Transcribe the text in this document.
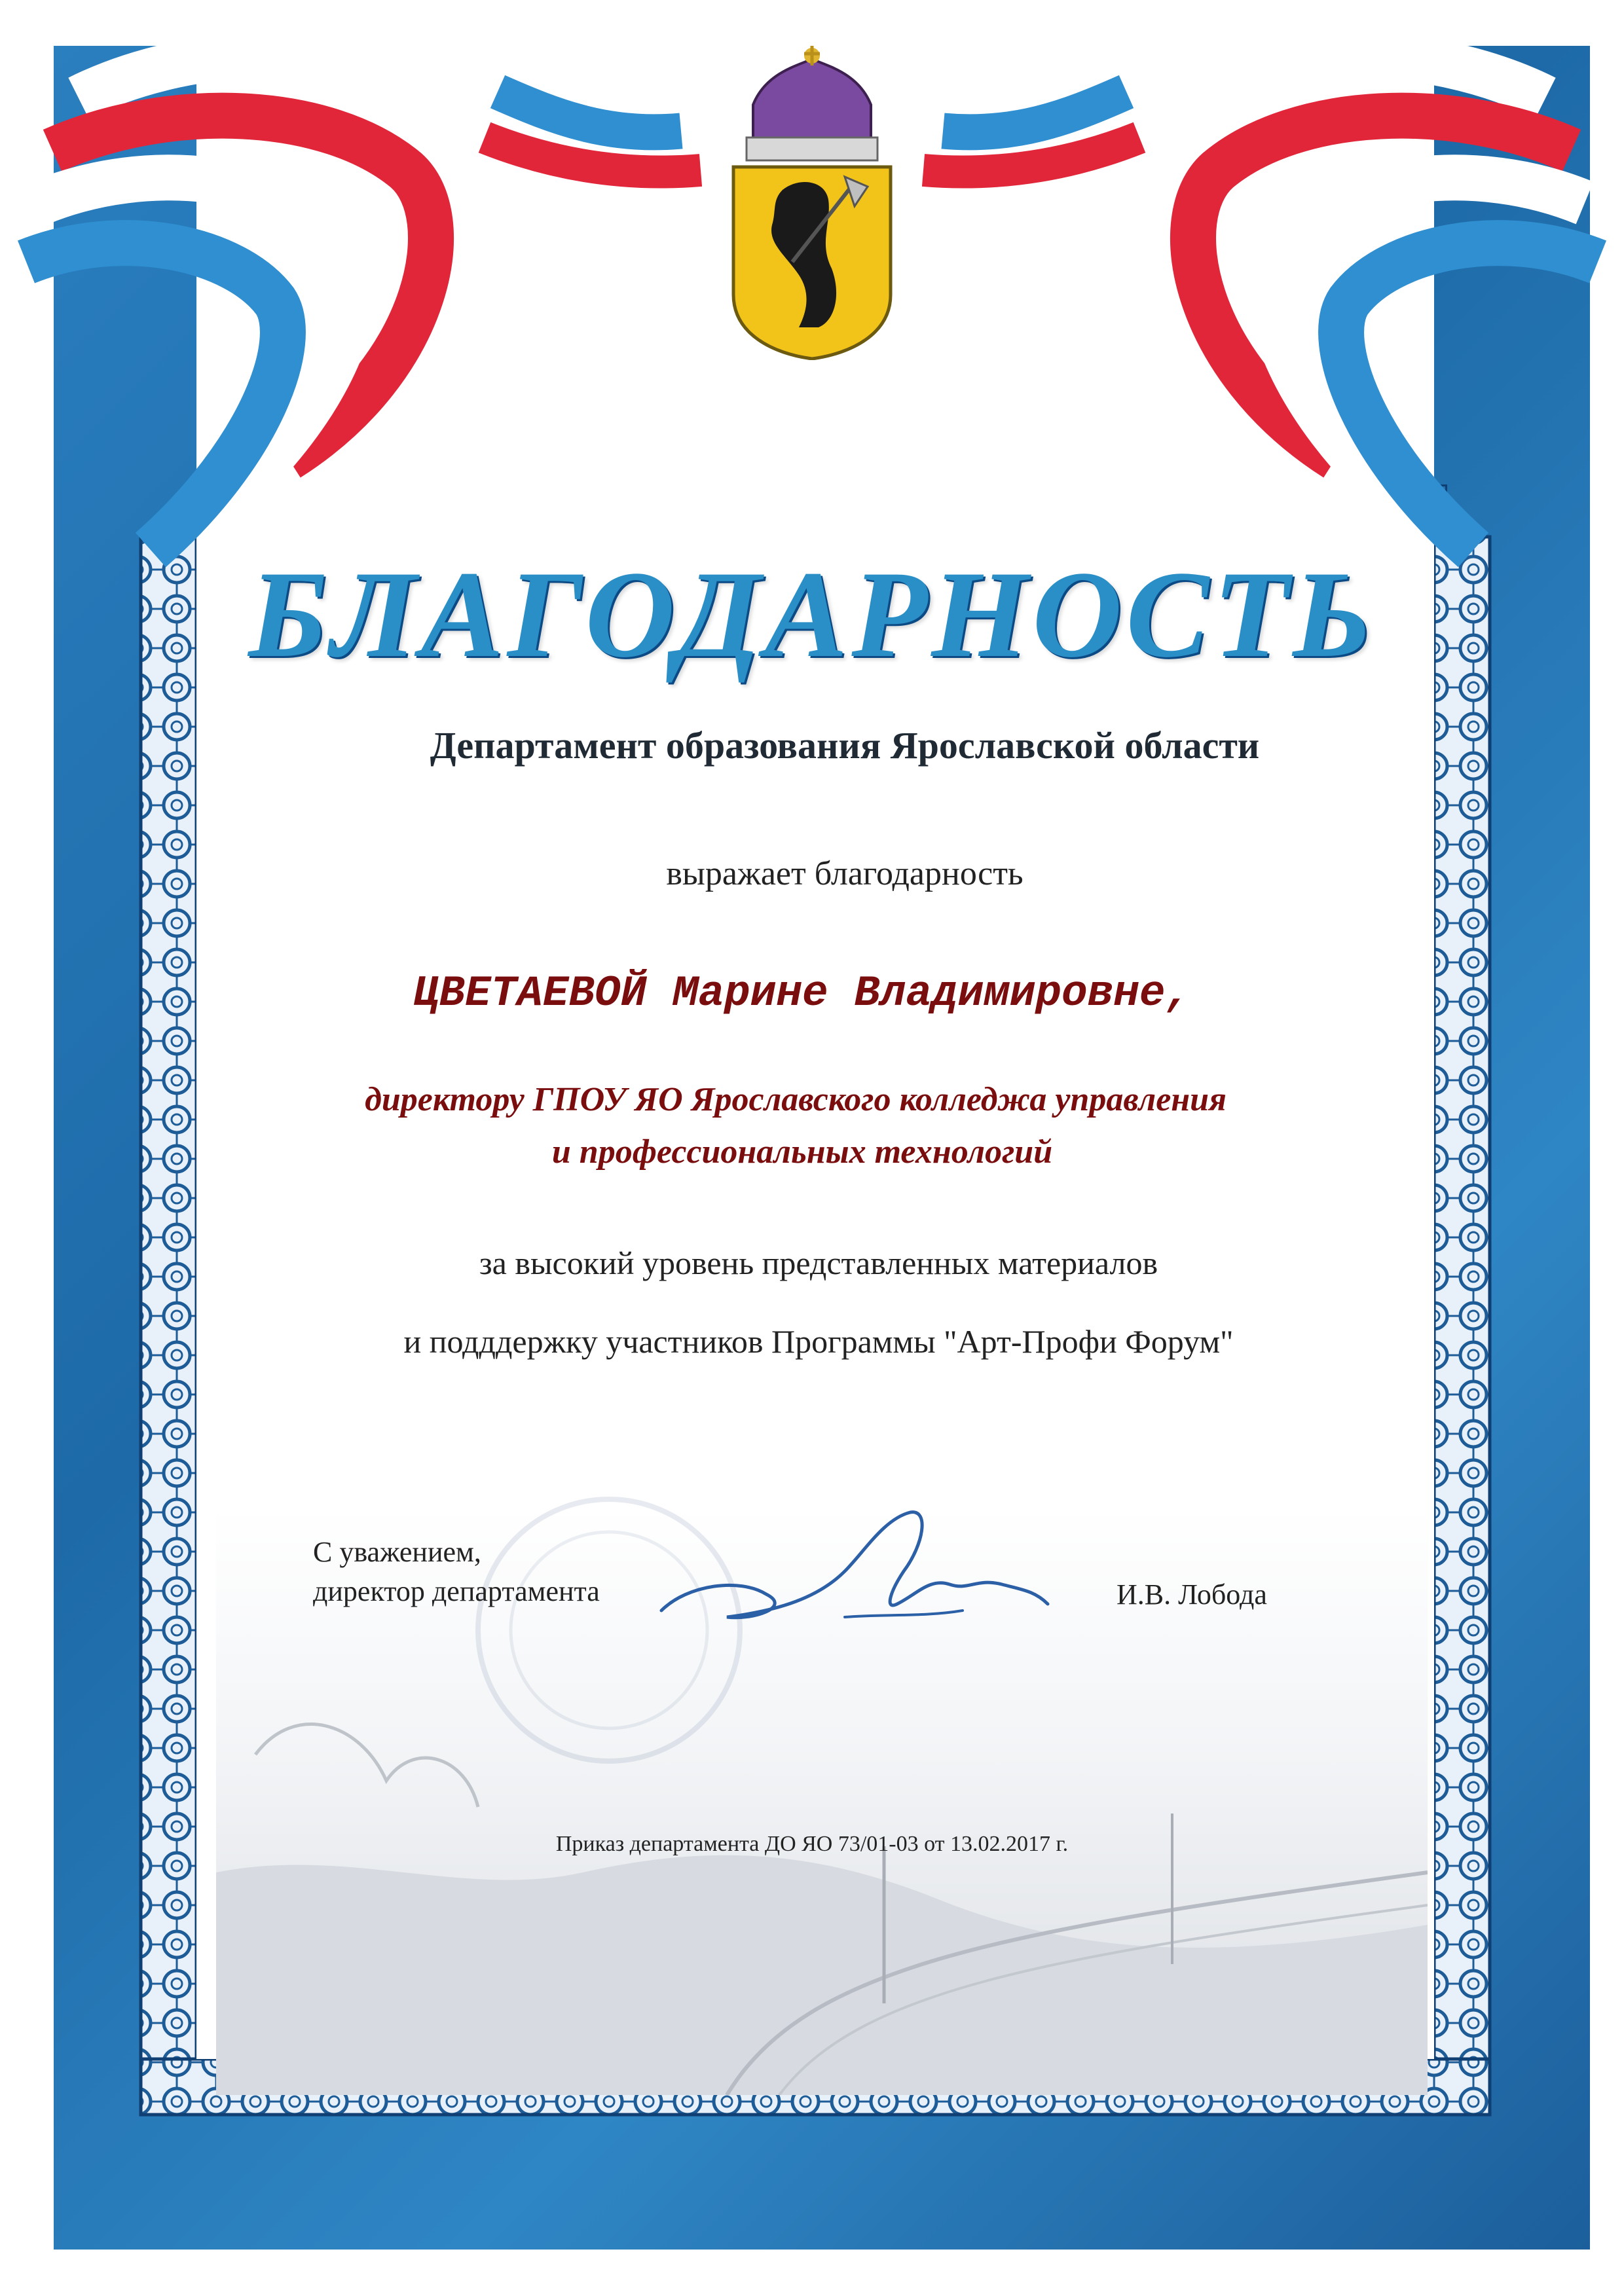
БЛАГОДАРНОСТЬ
Департамент образования Ярославской области
выражает благодарность
ЦВЕТАЕВОЙ Марине Владимировне,
директору ГПОУ ЯО Ярославского колледжа управления
и профессиональных технологий
за высокий уровень представленных материалов
и подддержку участников Программы "Арт-Профи Форум"
С уважением,
директор департамента	И.В. Лобода
Приказ департамента ДО ЯО 73/01-03 от 13.02.2017 г.
